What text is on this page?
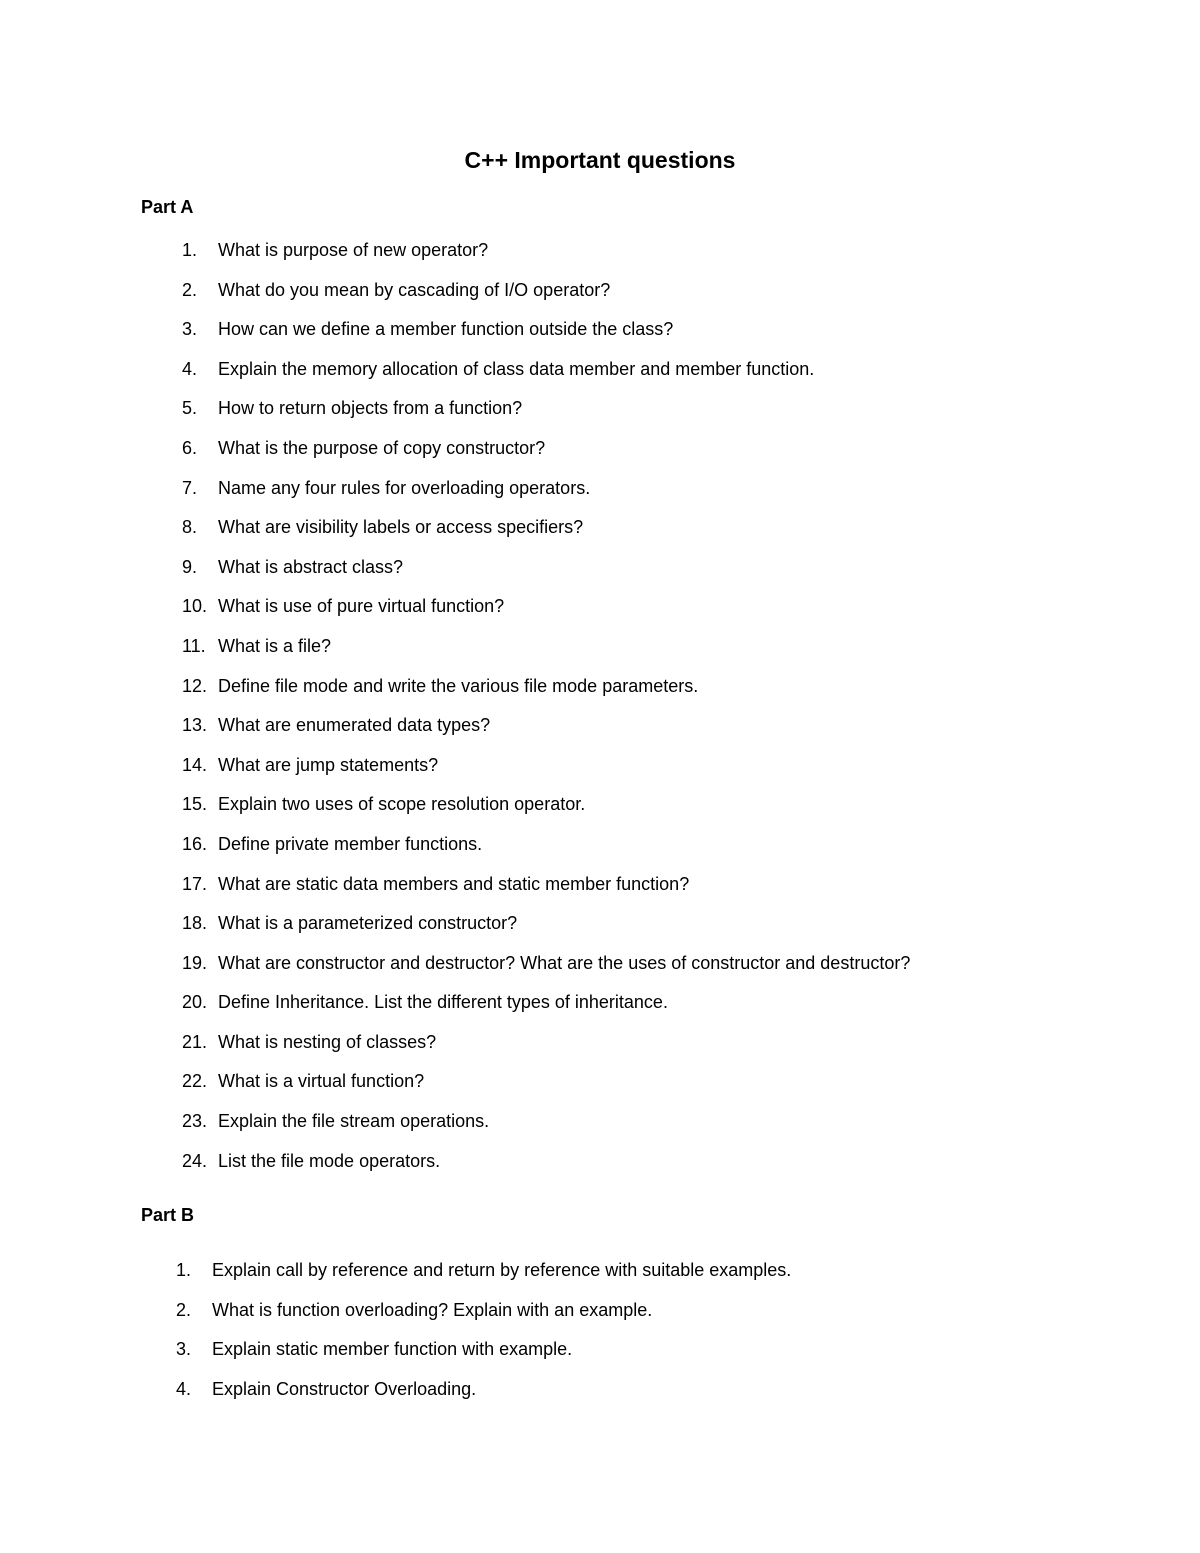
C++ Important questions
Part A
1. What is purpose of new operator?
2. What do you mean by cascading of I/O operator?
3. How can we define a member function outside the class?
4. Explain the memory allocation of class data member and member function.
5. How to return objects from a function?
6. What is the purpose of copy constructor?
7. Name any four rules for overloading operators.
8. What are visibility labels or access specifiers?
9. What is abstract class?
10. What is use of pure virtual function?
11. What is a file?
12. Define file mode and write the various file mode parameters.
13. What are enumerated data types?
14. What are jump statements?
15. Explain two uses of scope resolution operator.
16. Define private member functions.
17. What are static data members and static member function?
18. What is a parameterized constructor?
19. What are constructor and destructor? What are the uses of constructor and destructor?
20. Define Inheritance. List the different types of inheritance.
21. What is nesting of classes?
22. What is a virtual function?
23. Explain the file stream operations.
24. List the file mode operators.
Part B
1. Explain call by reference and return by reference with suitable examples.
2. What is function overloading? Explain with an example.
3. Explain static member function with example.
4. Explain Constructor Overloading.
